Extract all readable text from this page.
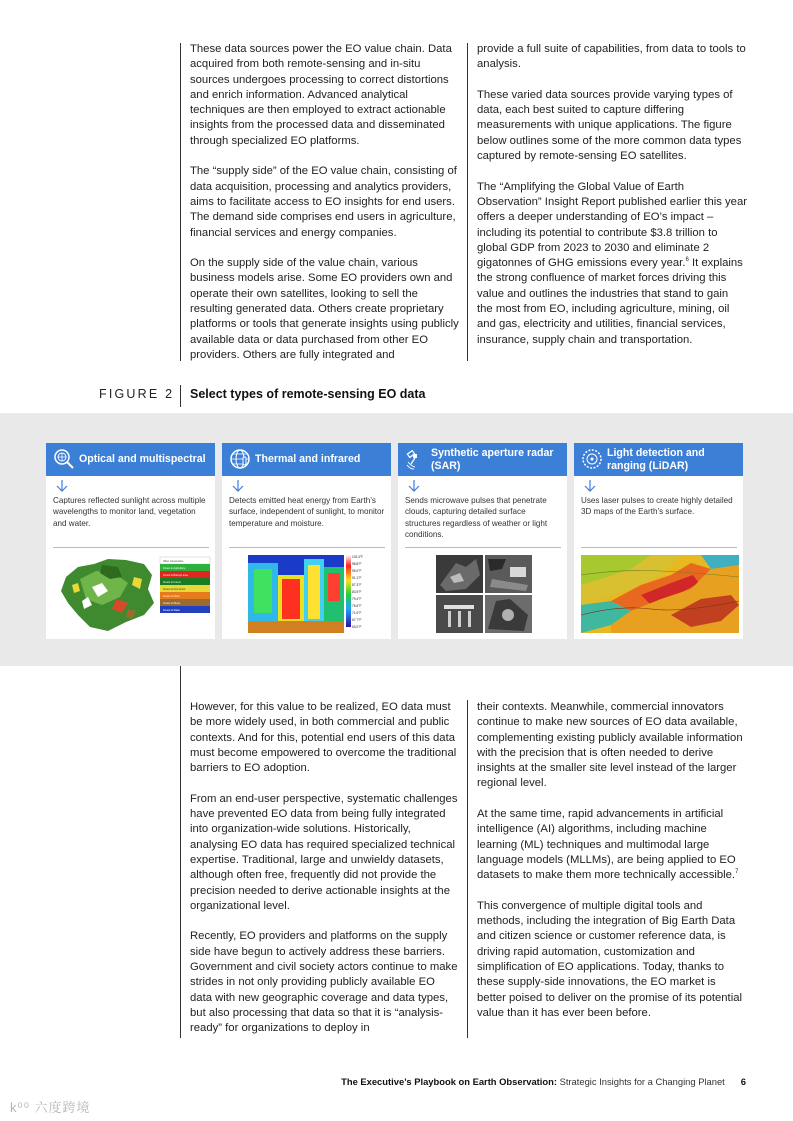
These data sources power the EO value chain. Data acquired from both remote-sensing and in-situ sources undergoes processing to correct distortions and enrich information. Advanced analytical techniques are then employed to extract actionable insights from the processed data and disseminated through specialized EO platforms.

The “supply side” of the EO value chain, consisting of data acquisition, processing and analytics providers, aims to facilitate access to EO insights for end users. The demand side comprises end users in agriculture, financial services and energy companies.

On the supply side of the value chain, various business models arise. Some EO providers own and operate their own satellites, looking to sell the resulting generated data. Others create proprietary platforms or tools that generate insights using publicly available data or data purchased from other EO providers. Others are fully integrated and

provide a full suite of capabilities, from data to tools to analysis.

These varied data sources provide varying types of data, each best suited to capture differing measurements with unique applications. The figure below outlines some of the more common data types captured by remote-sensing EO satellites.

The “Amplifying the Global Value of Earth Observation” Insight Report published earlier this year offers a deeper understanding of EO’s impact – including its potential to contribute $3.8 trillion to global GDP from 2023 to 2030 and eliminate 2 gigatonnes of GHG emissions every year.$^6$ It explains the strong confluence of market forces driving this value and outlines the industries that stand to gain the most from EO, including agriculture, mining, oil and gas, electricity and utilities, financial services, insurance, supply chain and transportation.

FIGURE 2 Select types of remote-sensing EO data
Optical and multispectral
Captures reflected sunlight across multiple wavelengths to monitor land, vegetation and water.
Other conversions
Forest to Agriculture
Forest to Built-up area
Forest to Forest
Forest to Non-forest
Forest to Other
Forest to Mines
Forest to Water
Thermal and infrared
Detects emitted heat energy from Earth’s surface, independent of sunlight, to monitor temperature and moisture.
102.0°F
98.8°F
95.0°F
91.1°F
87.3°F
83.5°F
79.4°F
75.6°F
71.6°F
67.7°F
63.0°F
Synthetic aperture radar (SAR)
Sends microwave pulses that penetrate clouds, capturing detailed surface structures regardless of weather or light conditions.
Light detection and ranging (LiDAR)
Uses laser pulses to create highly detailed 3D maps of the Earth’s surface.

However, for this value to be realized, EO data must be more widely used, in both commercial and public contexts. And for this, potential end users of this data must become empowered to overcome the traditional barriers to EO adoption.

From an end-user perspective, systematic challenges have prevented EO data from being fully integrated into organization-wide solutions. Historically, analysing EO data has required specialized technical expertise. Traditional, large and unwieldy datasets, although often free, frequently did not provide the precision needed to derive actionable insights at the organizational level.

Recently, EO providers and platforms on the supply side have begun to actively address these barriers. Government and civil society actors continue to make strides in not only providing publicly available EO data with new geographic coverage and data types, but also processing that data so that it is “analysis-ready” for organizations to deploy in

their contexts. Meanwhile, commercial innovators continue to make new sources of EO data available, complementing existing publicly available information with the precision that is often needed to derive insights at the smaller site level instead of the larger regional level.

At the same time, rapid advancements in artificial intelligence (AI) algorithms, including machine learning (ML) techniques and multimodal large language models (MLLMs), are being applied to EO datasets to make them more technically accessible.$^7$

This convergence of multiple digital tools and methods, including the integration of Big Earth Data and citizen science or customer reference data, is driving rapid automation, customization and simplification of EO applications. Today, thanks to these supply-side innovations, the EO market is better poised to deliver on the promise of its potential value than it has ever been before.

The Executive’s Playbook on Earth Observation: Strategic Insights for a Changing Planet 6
k⁰⁰ 六度跨境
